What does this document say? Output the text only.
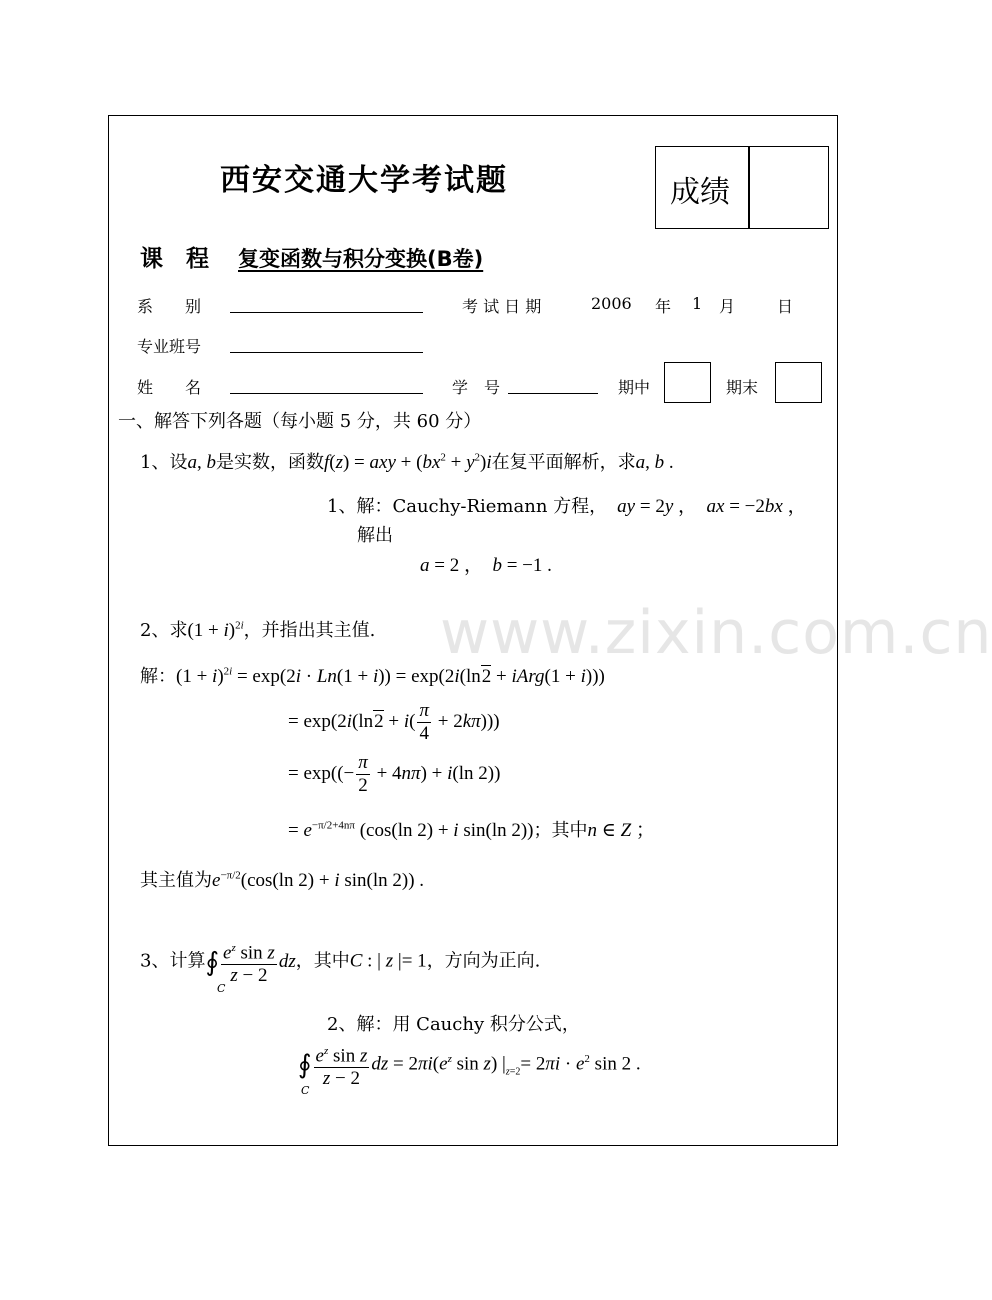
西安交通大学考试题	成绩
课　程 复变函数与积分变换(B卷)
系　　别	考 试 日 期	2006 年 1 月	日
专业班号
姓　　名	学　号	期中	期末
一、解答下列各题（每小题 5 分，共 60 分）
1、设a, b是实数，函数f(z) = axy + $(bx^2 + y^2)i$在复平面解析，求a, b .
1、解：Cauchy-Riemann 方程，　 ay = 2y ，　ax = −2bx ，
解出
a = 2 ，　b = −1 .
www.zixin.com.cn
2、求$(1 + i)^{2i}$，并指出其主值.
解：$(1 + i)^{2i} = \exp(2i \cdot Ln(1 + i)) = \exp(2i(\ln 2$ + iArg(1 + i)))
= $\exp(2i(\ln 2 + i( \frac{\pi}{4} + 2k\pi)))$
= $\exp((- \frac{\pi}{2} + 4n\pi) + i(\ln$ 2))
= $e^{-\pi/2+4n\pi}$ (cos(ln 2) + i sin(ln 2))；其中n ∈ Z ；
其主值为$e^{-\pi/2}(\cos(\ln$ 2) + i sin(ln 2)) .
3、计算∮ $\frac{e^z \sin z}{z - 2}$ dz，其中C : | z |= 1，方向为正向.
C
2、解：用 Cauchy 积分公式，
∮ $\frac{e^z \sin z}{z - 2}$ dz = $2\pi i(e^z$ sin z) $|_{z=2}= 2\pi i \cdot e^2$ sin 2 .
C
